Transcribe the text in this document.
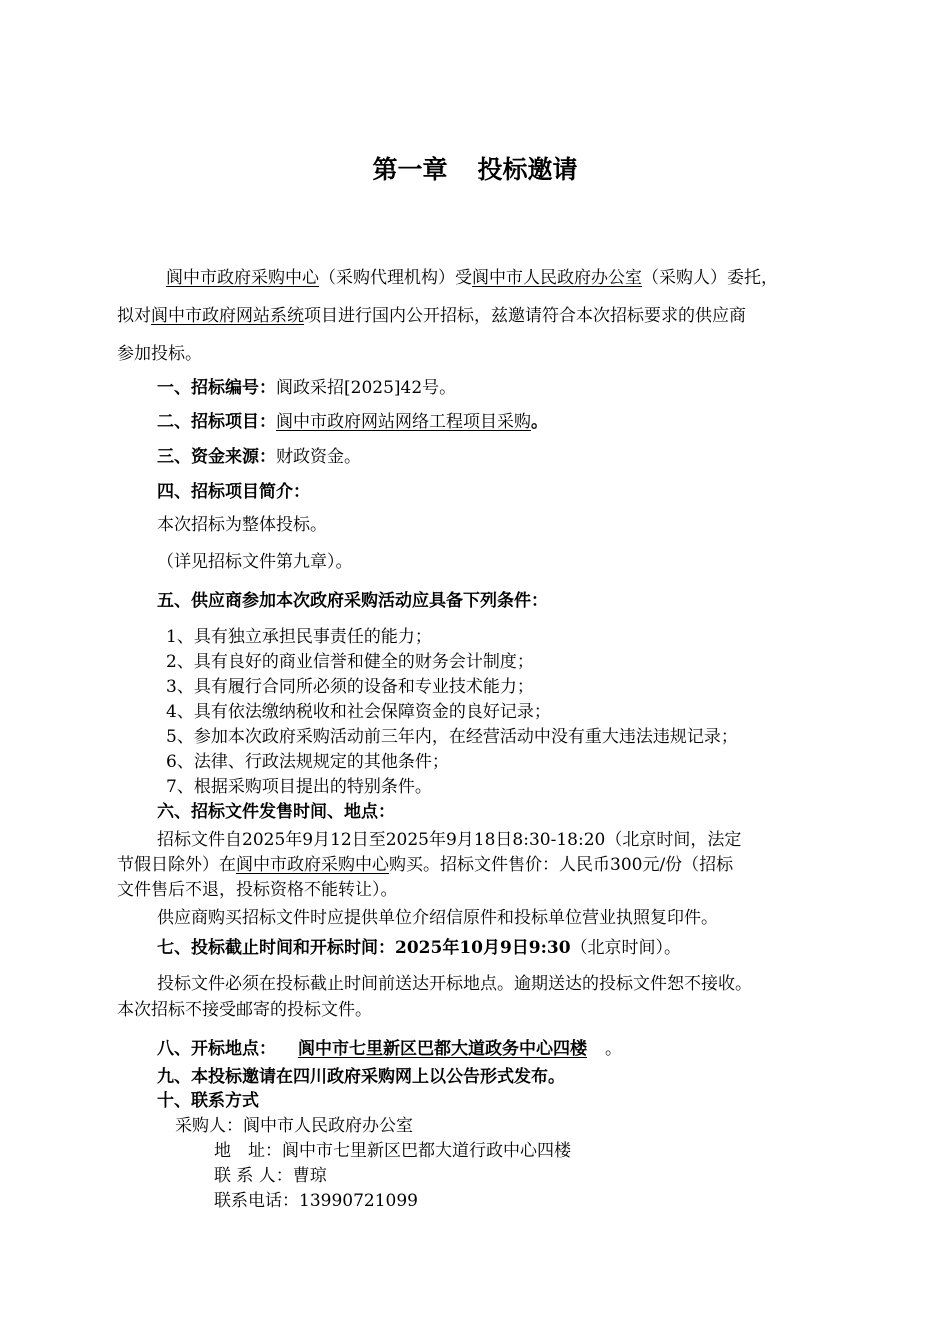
第一章 投标邀请
阆中市政府采购中心（采购代理机构）受阆中市人民政府办公室（采购人）委托，
拟对阆中市政府网站系统项目进行国内公开招标，兹邀请符合本次招标要求的供应商
参加投标。
一、招标编号：阆政采招[2025]42号。
二、招标项目：阆中市政府网站网络工程项目采购。
三、资金来源：财政资金。
四、招标项目简介：
本次招标为整体投标。
（详见招标文件第九章）。
五、供应商参加本次政府采购活动应具备下列条件：
1、具有独立承担民事责任的能力；
2、具有良好的商业信誉和健全的财务会计制度；
3、具有履行合同所必须的设备和专业技术能力；
4、具有依法缴纳税收和社会保障资金的良好记录；
5、参加本次政府采购活动前三年内，在经营活动中没有重大违法违规记录；
6、法律、行政法规规定的其他条件；
7、根据采购项目提出的特别条件。
六、招标文件发售时间、地点：
招标文件自2025年9月12日至2025年9月18日8:30-18:20（北京时间，法定
节假日除外）在阆中市政府采购中心购买。招标文件售价：人民币300元/份（招标
文件售后不退，投标资格不能转让）。
供应商购买招标文件时应提供单位介绍信原件和投标单位营业执照复印件。
七、投标截止时间和开标时间：2025年10月9日9:30（北京时间）。
投标文件必须在投标截止时间前送达开标地点。逾期送达的投标文件恕不接收。
本次招标不接受邮寄的投标文件。
八、开标地点： 阆中市七里新区巴都大道政务中心四楼 。
九、本投标邀请在四川政府采购网上以公告形式发布。
十、联系方式
采购人：阆中市人民政府办公室
地　址：阆中市七里新区巴都大道行政中心四楼
联 系 人：曹琼
联系电话：13990721099
